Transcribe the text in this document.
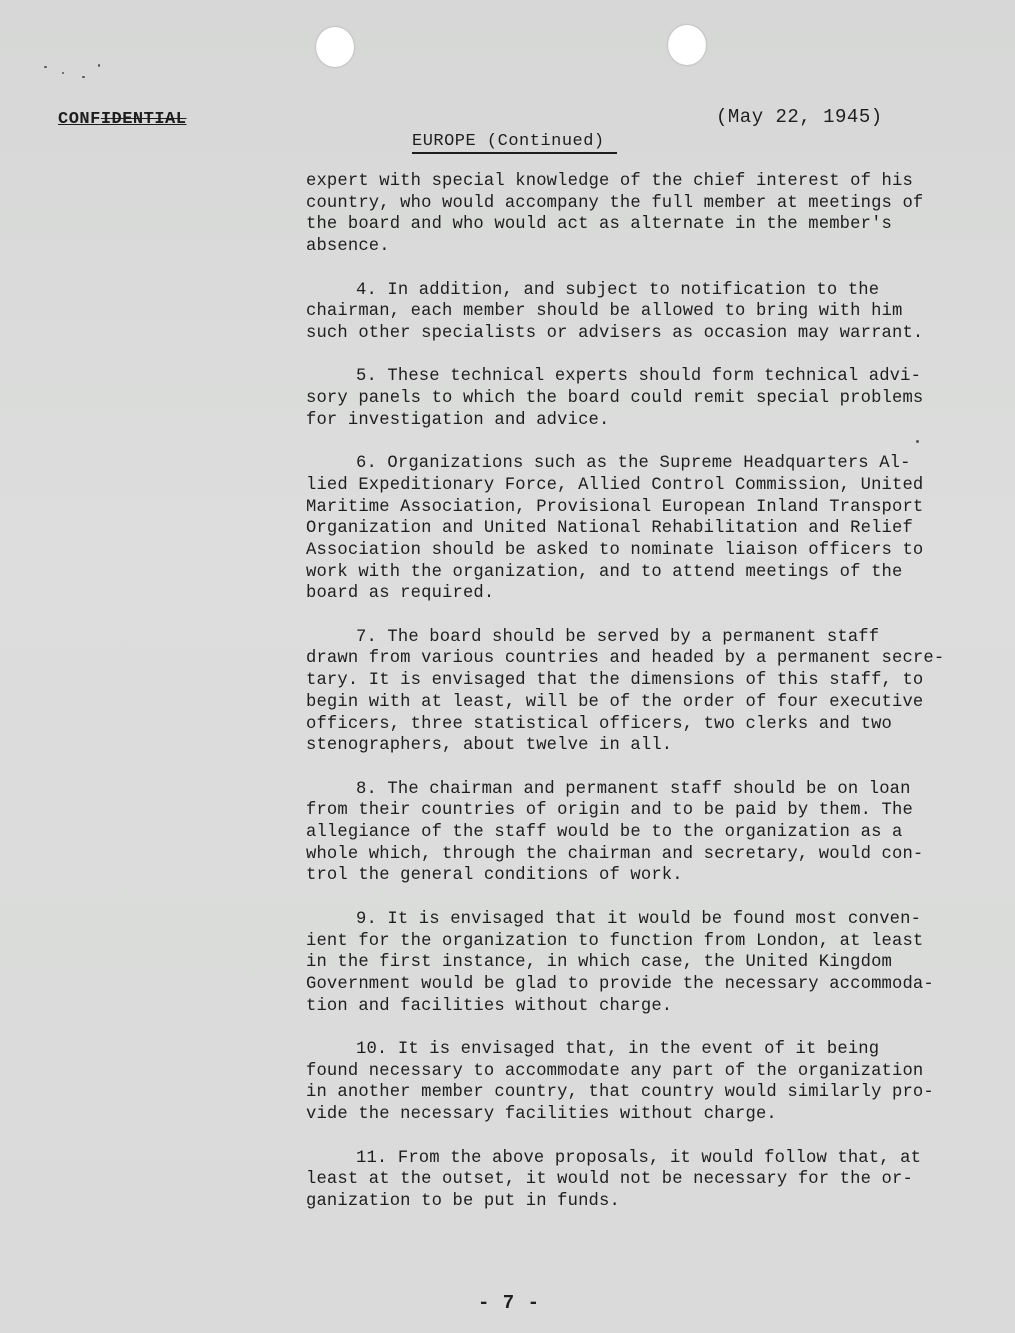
CONFIDENTIAL	(May 22, 1945)
EUROPE (Continued)

expert with special knowledge of the chief interest of his
country, who would accompany the full member at meetings of
the board and who would act as alternate in the member's
absence.

4. In addition, and subject to notification to the
chairman, each member should be allowed to bring with him
such other specialists or advisers as occasion may warrant.

5. These technical experts should form technical advi-
sory panels to which the board could remit special problems
for investigation and advice.

6. Organizations such as the Supreme Headquarters Al-
lied Expeditionary Force, Allied Control Commission, United
Maritime Association, Provisional European Inland Transport
Organization and United National Rehabilitation and Relief
Association should be asked to nominate liaison officers to
work with the organization, and to attend meetings of the
board as required.

7. The board should be served by a permanent staff
drawn from various countries and headed by a permanent secre-
tary. It is envisaged that the dimensions of this staff, to
begin with at least, will be of the order of four executive
officers, three statistical officers, two clerks and two
stenographers, about twelve in all.

8. The chairman and permanent staff should be on loan
from their countries of origin and to be paid by them. The
allegiance of the staff would be to the organization as a
whole which, through the chairman and secretary, would con-
trol the general conditions of work.

9. It is envisaged that it would be found most conven-
ient for the organization to function from London, at least
in the first instance, in which case, the United Kingdom
Government would be glad to provide the necessary accommoda-
tion and facilities without charge.

10. It is envisaged that, in the event of it being
found necessary to accommodate any part of the organization
in another member country, that country would similarly pro-
vide the necessary facilities without charge.

11. From the above proposals, it would follow that, at
least at the outset, it would not be necessary for the or-
ganization to be put in funds.

- 7 -
